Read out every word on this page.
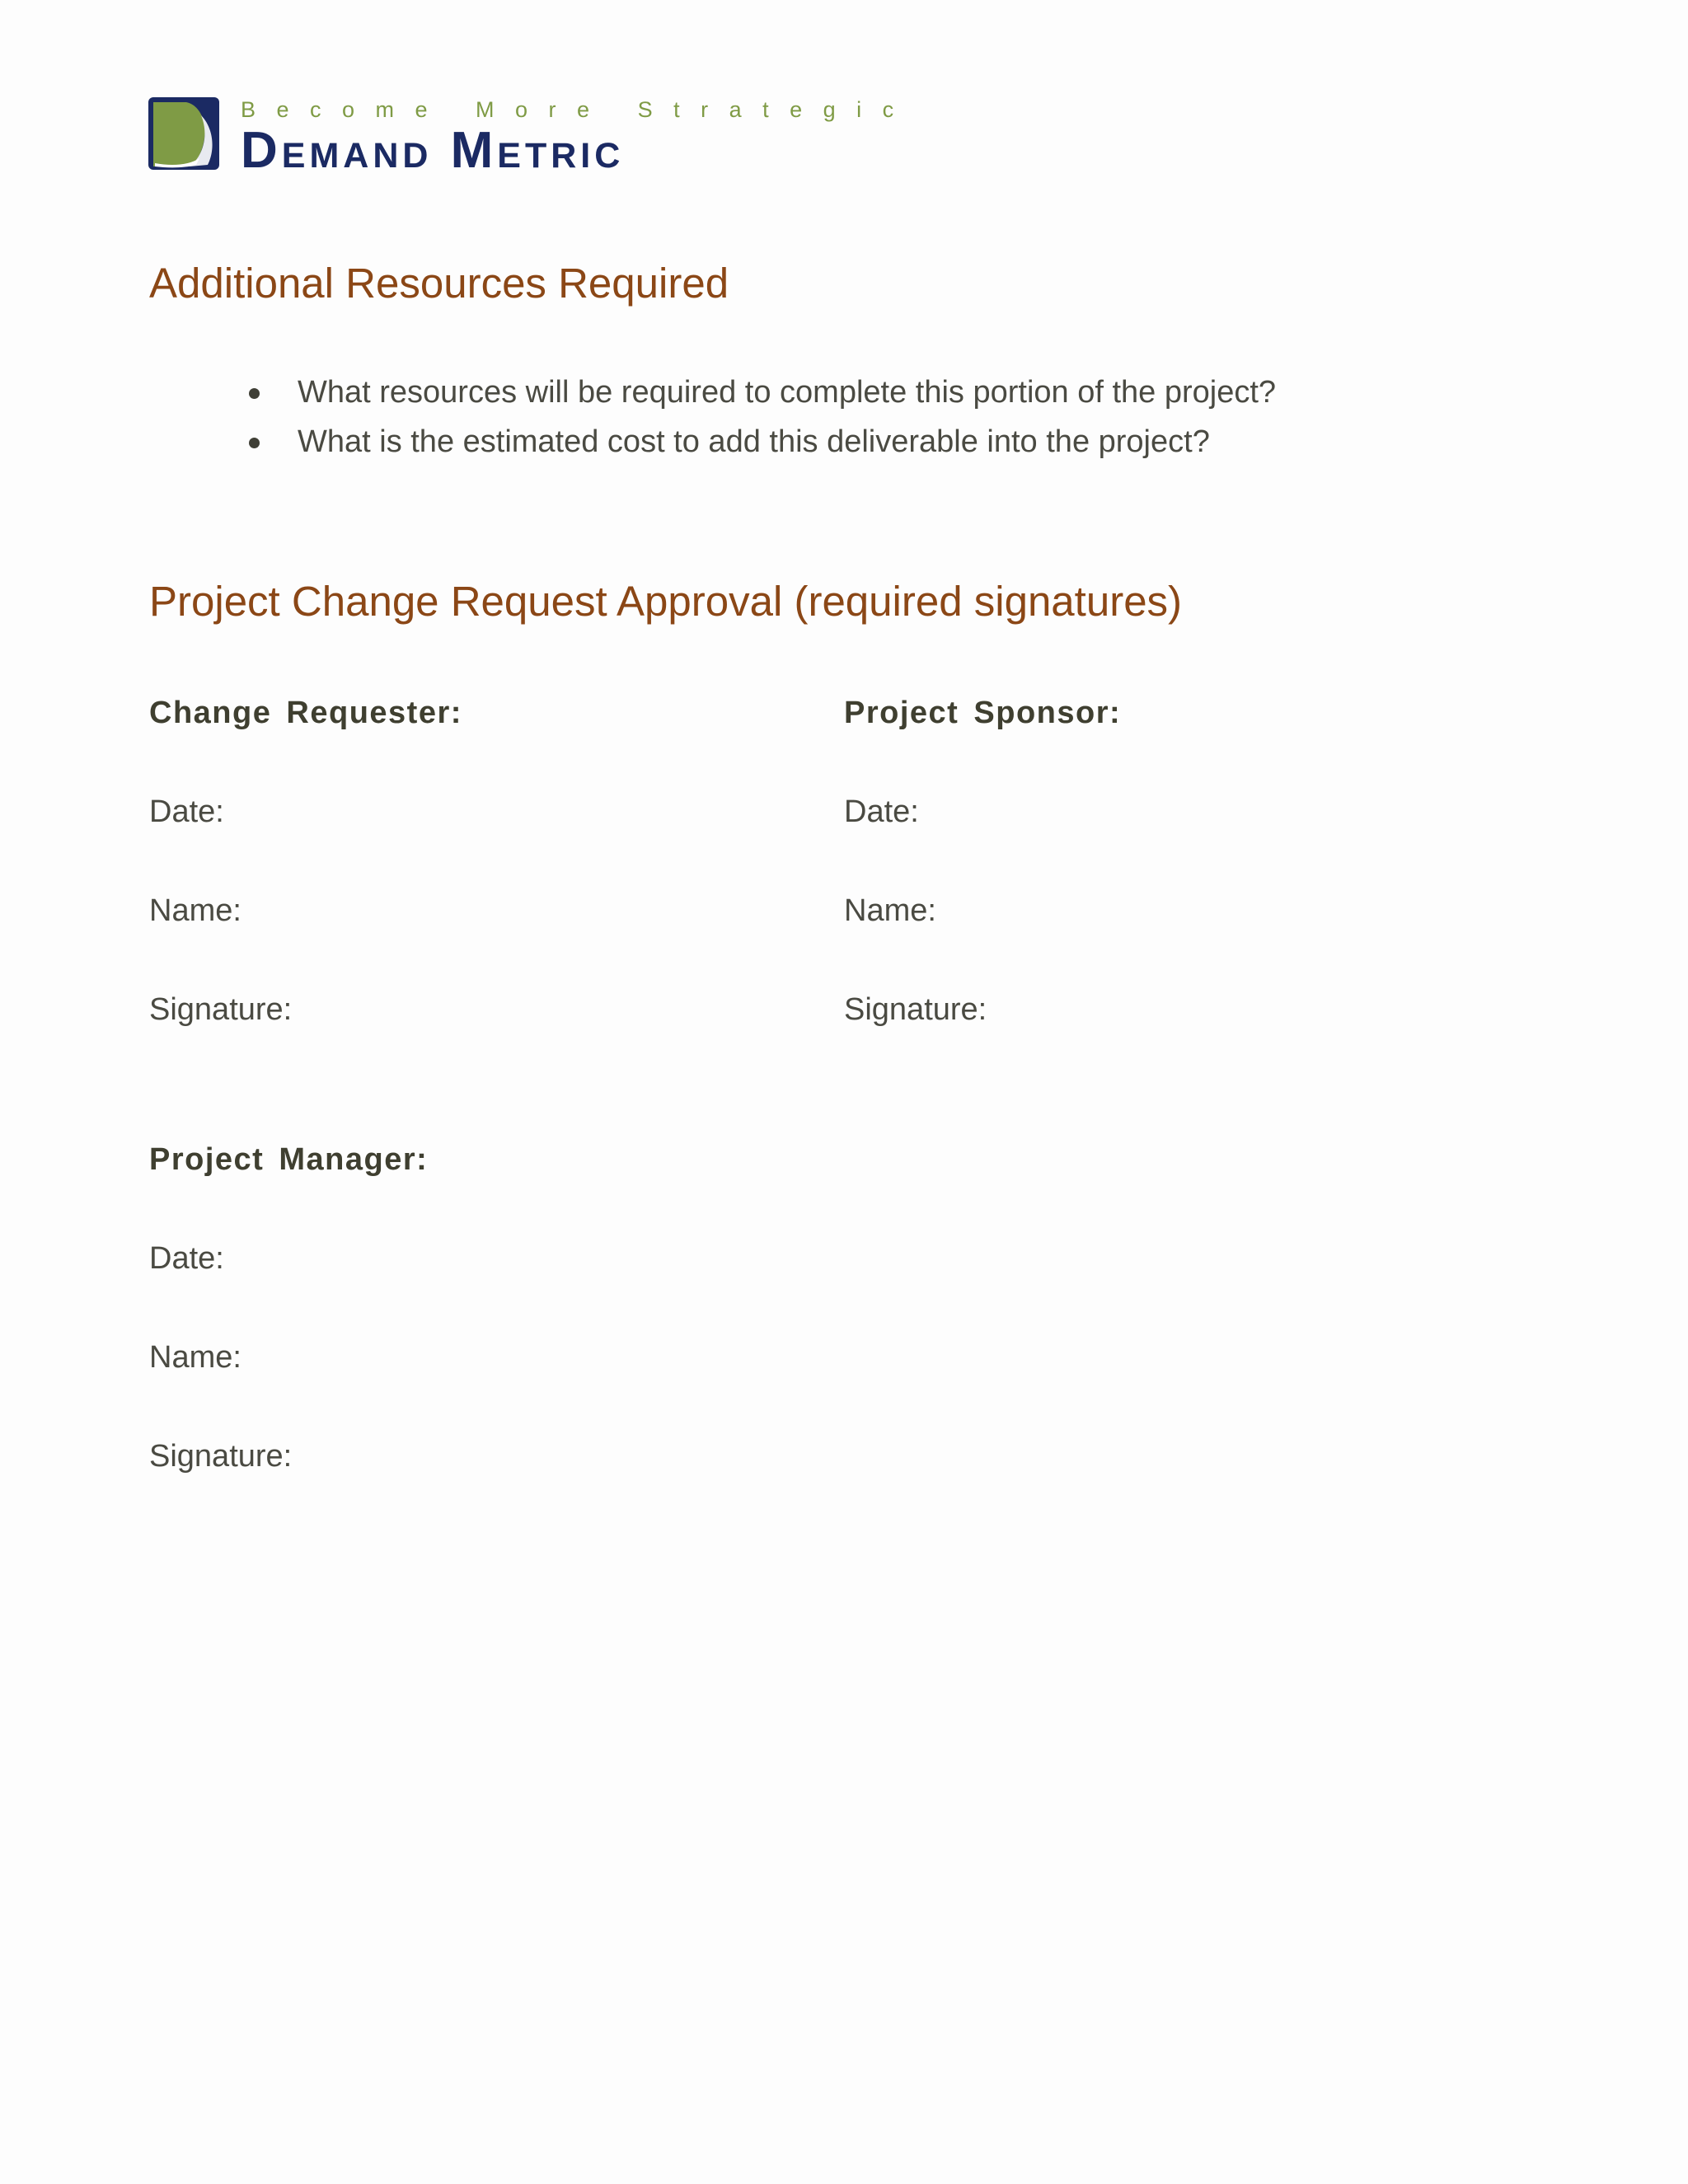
Become More Strategic
Demand Metric
Additional Resources Required
What resources will be required to complete this portion of the project?
What is the estimated cost to add this deliverable into the project?
Project Change Request Approval (required signatures)
Change Requester:
Date:
Name:
Signature:
Project Sponsor:
Date:
Name:
Signature:
Project Manager:
Date:
Name:
Signature:
